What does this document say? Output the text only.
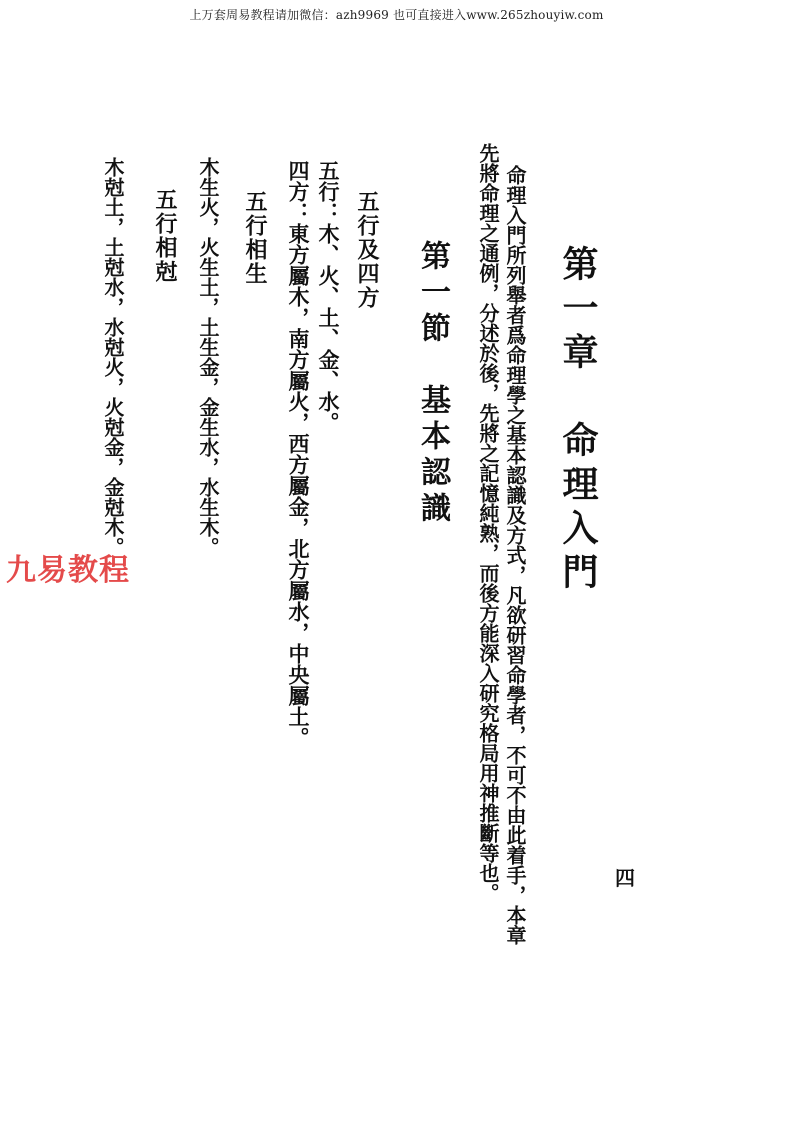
上万套周易教程请加微信：azh9969 也可直接进入www.265zhouyiw.com
第一章　命理入門
命理入門所列舉者爲命理學之基本認識及方式，凡欲研習命學者，不可不由此着手，本章
先將命理之通例，分述於後，先將之記憶純熟，而後方能深入研究格局用神推斷等也。
第一節　基本認識
五行及四方
五行：木、火、土、金、水。
四方：東方屬木，南方屬火，西方屬金，北方屬水，中央屬土。
五行相生
木生火，火生土，土生金，金生水，水生木。
五行相尅
木尅土，土尅水，水尅火，火尅金，金尅木。
四
九易教程
